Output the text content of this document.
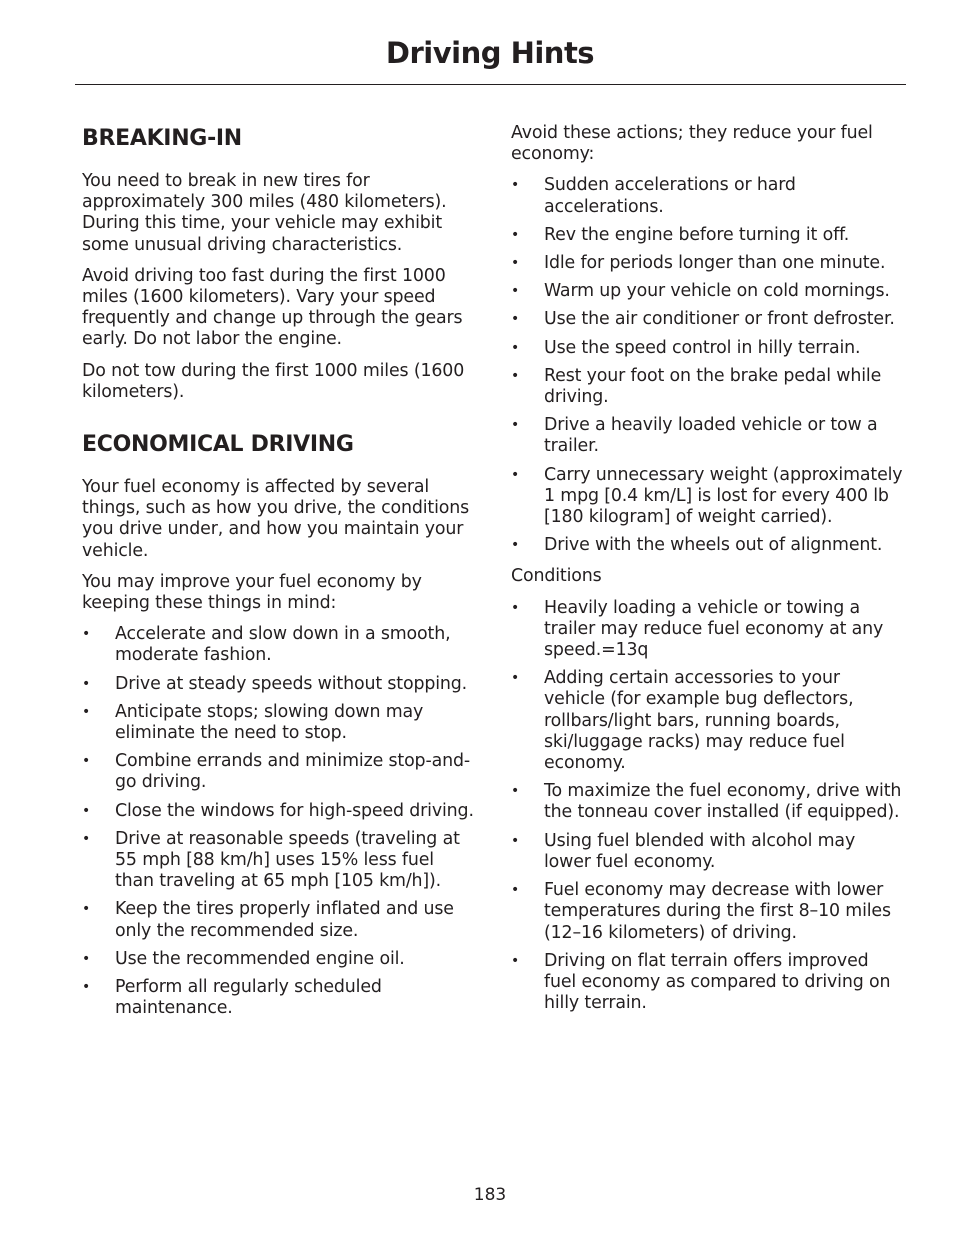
Driving Hints
BREAKING-IN

You need to break in new tires for approximately 300 miles (480 kilometers). During this time, your vehicle may exhibit some unusual driving characteristics.

Avoid driving too fast during the first 1000 miles (1600 kilometers). Vary your speed frequently and change up through the gears early. Do not labor the engine.

Do not tow during the first 1000 miles (1600 kilometers).

ECONOMICAL DRIVING

Your fuel economy is affected by several things, such as how you drive, the conditions you drive under, and how you maintain your vehicle.

You may improve your fuel economy by keeping these things in mind:

•	Accelerate and slow down in a smooth, moderate fashion.
•	Drive at steady speeds without stopping.
•	Anticipate stops; slowing down may eliminate the need to stop.
•	Combine errands and minimize stop-and-go driving.
•	Close the windows for high-speed driving.
•	Drive at reasonable speeds (traveling at 55 mph [88 km/h] uses 15% less fuel than traveling at 65 mph [105 km/h]).
•	Keep the tires properly inflated and use only the recommended size.
•	Use the recommended engine oil.
•	Perform all regularly scheduled maintenance.

Avoid these actions; they reduce your fuel economy:

•	Sudden accelerations or hard accelerations.
•	Rev the engine before turning it off.
•	Idle for periods longer than one minute.
•	Warm up your vehicle on cold mornings.
•	Use the air conditioner or front defroster.
•	Use the speed control in hilly terrain.
•	Rest your foot on the brake pedal while driving.
•	Drive a heavily loaded vehicle or tow a trailer.
•	Carry unnecessary weight (approximately 1 mpg [0.4 km/L] is lost for every 400 lb [180 kilogram] of weight carried).
•	Drive with the wheels out of alignment.

Conditions

•	Heavily loading a vehicle or towing a trailer may reduce fuel economy at any speed.=13q
•	Adding certain accessories to your vehicle (for example bug deflectors, rollbars/light bars, running boards, ski/luggage racks) may reduce fuel economy.
•	To maximize the fuel economy, drive with the tonneau cover installed (if equipped).
•	Using fuel blended with alcohol may lower fuel economy.
•	Fuel economy may decrease with lower temperatures during the first 8–10 miles (12–16 kilometers) of driving.
•	Driving on flat terrain offers improved fuel economy as compared to driving on hilly terrain.
183
